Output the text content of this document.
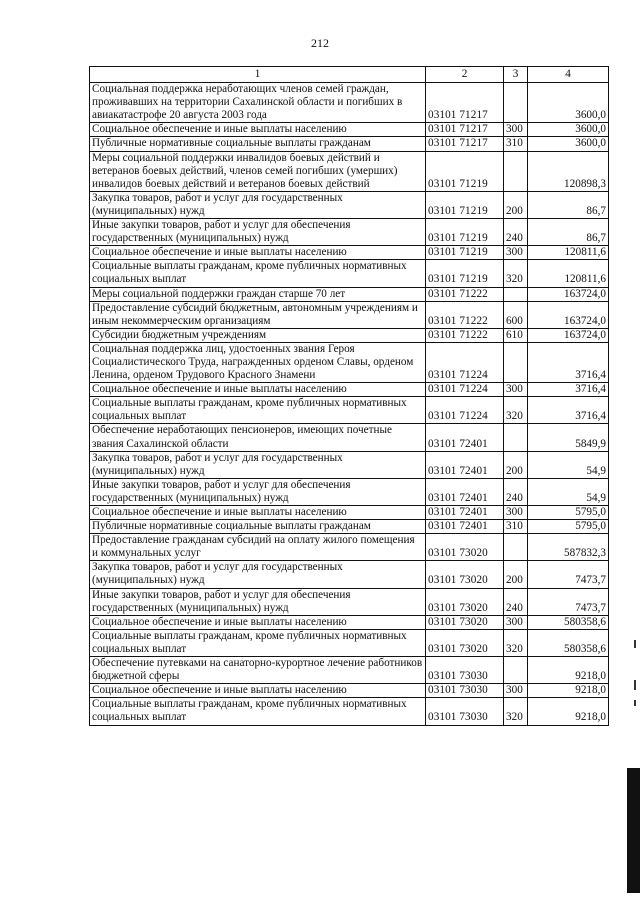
212
1	2	3	4
Социальная поддержка неработающих членов семей граждан, проживавших на территории Сахалинской области и погибших в авиакатастрофе 20 августа 2003 года	03101 71217		3600,0
Социальное обеспечение и иные выплаты населению	03101 71217	300	3600,0
Публичные нормативные социальные выплаты гражданам	03101 71217	310	3600,0
Меры социальной поддержки инвалидов боевых действий и ветеранов боевых действий, членов семей погибших (умерших) инвалидов боевых действий и ветеранов боевых действий	03101 71219		120898,3
Закупка товаров, работ и услуг для государственных (муниципальных) нужд	03101 71219	200	86,7
Иные закупки товаров, работ и услуг для обеспечения государственных (муниципальных) нужд	03101 71219	240	86,7
Социальное обеспечение и иные выплаты населению	03101 71219	300	120811,6
Социальные выплаты гражданам, кроме публичных нормативных социальных выплат	03101 71219	320	120811,6
Меры социальной поддержки граждан старше 70 лет	03101 71222		163724,0
Предоставление субсидий бюджетным, автономным учреждениям и иным некоммерческим организациям	03101 71222	600	163724,0
Субсидии бюджетным учреждениям	03101 71222	610	163724,0
Социальная поддержка лиц, удостоенных звания Героя Социалистического Труда, награжденных орденом Славы, орденом Ленина, орденом Трудового Красного Знамени	03101 71224		3716,4
Социальное обеспечение и иные выплаты населению	03101 71224	300	3716,4
Социальные выплаты гражданам, кроме публичных нормативных социальных выплат	03101 71224	320	3716,4
Обеспечение неработающих пенсионеров, имеющих почетные звания Сахалинской области	03101 72401		5849,9
Закупка товаров, работ и услуг для государственных (муниципальных) нужд	03101 72401	200	54,9
Иные закупки товаров, работ и услуг для обеспечения государственных (муниципальных) нужд	03101 72401	240	54,9
Социальное обеспечение и иные выплаты населению	03101 72401	300	5795,0
Публичные нормативные социальные выплаты гражданам	03101 72401	310	5795,0
Предоставление гражданам субсидий на оплату жилого помещения и коммунальных услуг	03101 73020		587832,3
Закупка товаров, работ и услуг для государственных (муниципальных) нужд	03101 73020	200	7473,7
Иные закупки товаров, работ и услуг для обеспечения государственных (муниципальных) нужд	03101 73020	240	7473,7
Социальное обеспечение и иные выплаты населению	03101 73020	300	580358,6
Социальные выплаты гражданам, кроме публичных нормативных социальных выплат	03101 73020	320	580358,6
Обеспечение путевками на санаторно-курортное лечение работников бюджетной сферы	03101 73030		9218,0
Социальное обеспечение и иные выплаты населению	03101 73030	300	9218,0
Социальные выплаты гражданам, кроме публичных нормативных социальных выплат	03101 73030	320	9218,0
